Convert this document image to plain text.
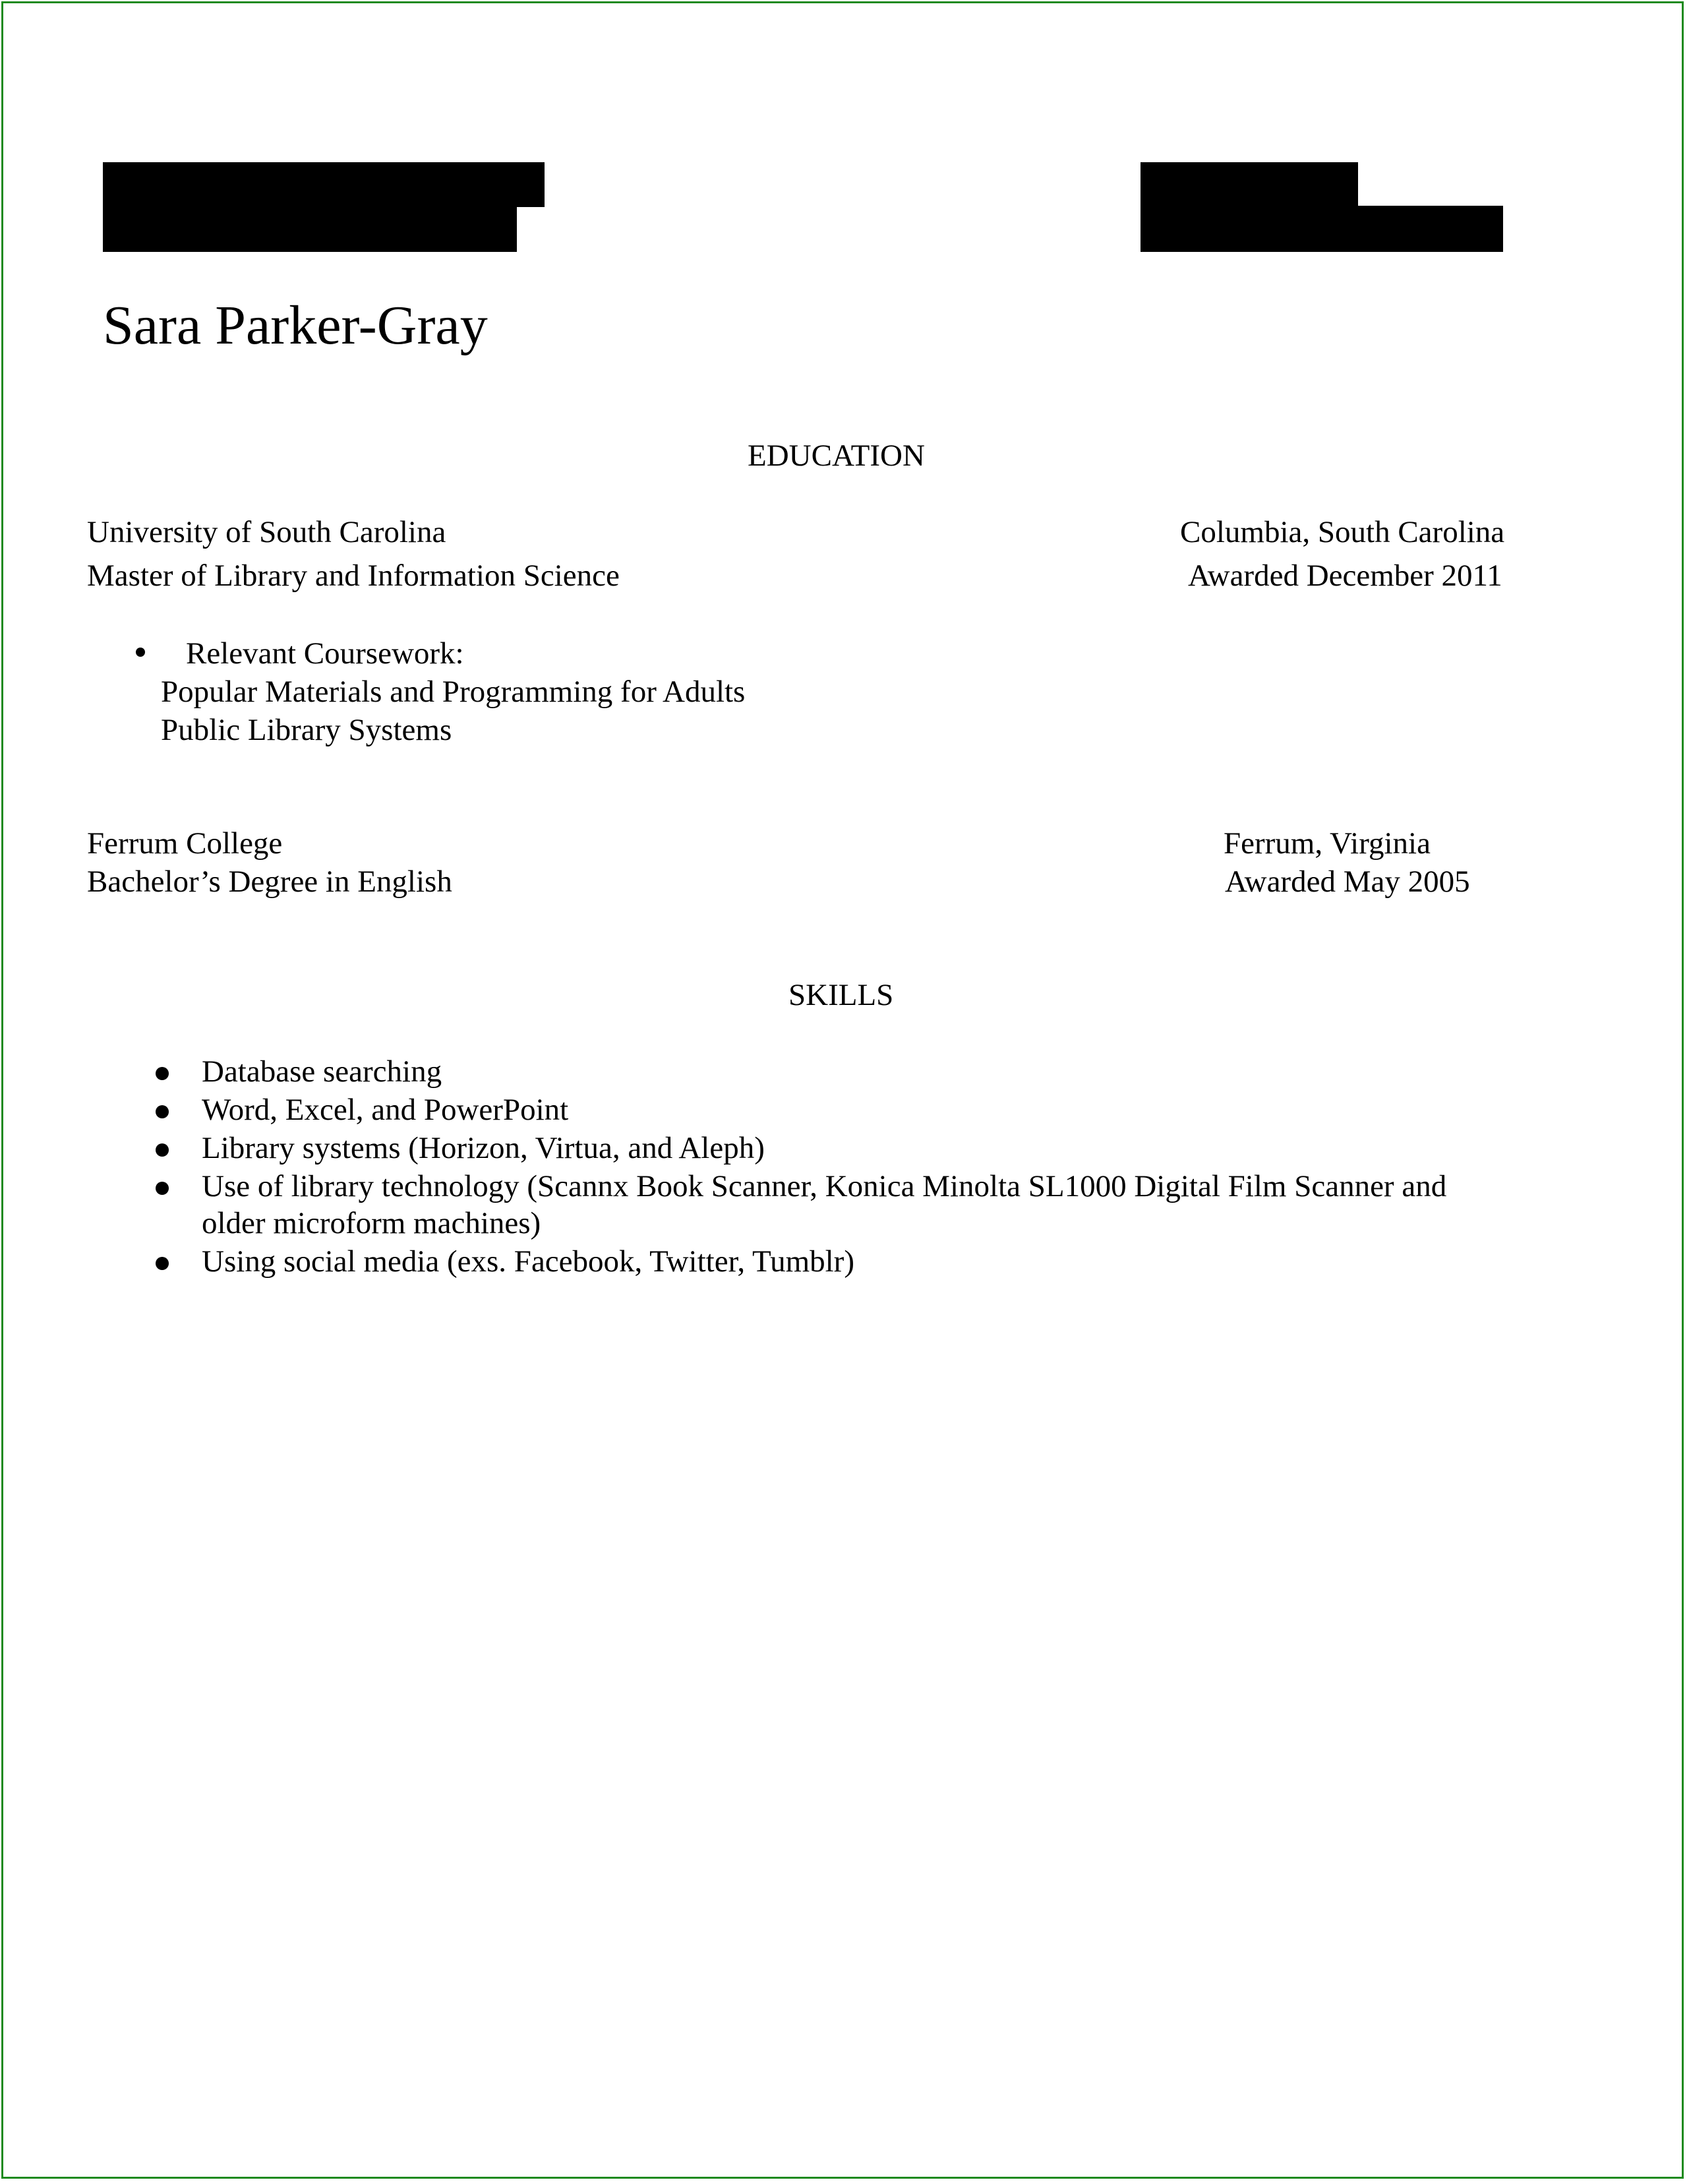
Sara Parker-Gray
EDUCATION
University of South Carolina	Columbia, South Carolina
Master of Library and Information Science	Awarded December 2011
Relevant Coursework:
Popular Materials and Programming for Adults
Public Library Systems
Ferrum College	Ferrum, Virginia
Bachelor’s Degree in English	Awarded May 2005
SKILLS
Database searching
Word, Excel, and PowerPoint
Library systems (Horizon, Virtua, and Aleph)
Use of library technology (Scannx Book Scanner, Konica Minolta SL1000 Digital Film Scanner and
older microform machines)
Using social media (exs. Facebook, Twitter, Tumblr)
